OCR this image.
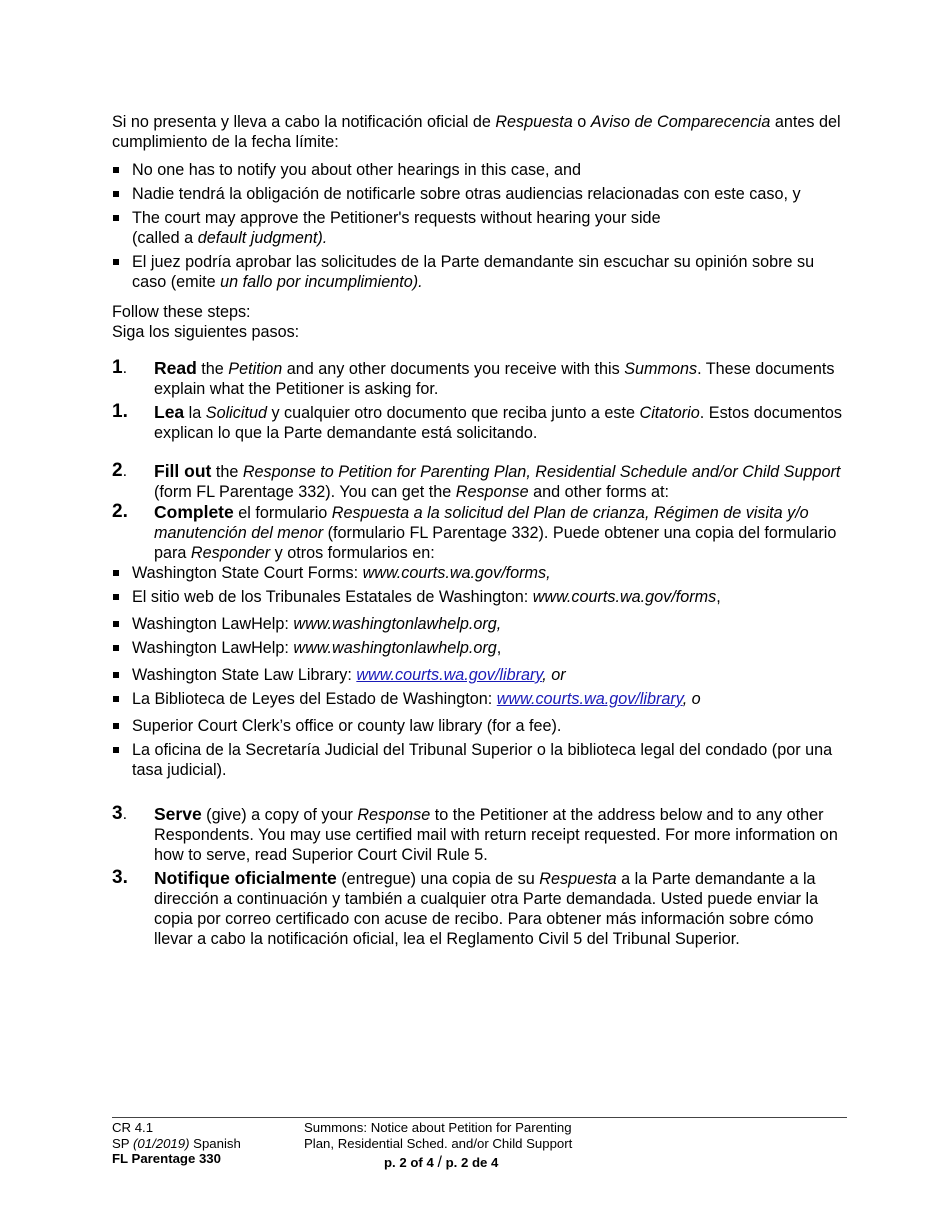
Si no presenta y lleva a cabo la notificación oficial de Respuesta o Aviso de Comparecencia antes del cumplimiento de la fecha límite:

No one has to notify you about other hearings in this case, and
Nadie tendrá la obligación de notificarle sobre otras audiencias relacionadas con este caso, y
The court may approve the Petitioner's requests without hearing your side
(called a default judgment).
El juez podría aprobar las solicitudes de la Parte demandante sin escuchar su opinión sobre su caso (emite un fallo por incumplimiento).
Follow these steps:
Siga los siguientes pasos:
1 . Read the Petition and any other documents you receive with this Summons. These documents explain what the Petitioner is asking for.
1. Lea la Solicitud y cualquier otro documento que reciba junto a este Citatorio. Estos documentos explican lo que la Parte demandante está solicitando.
2 . Fill out the Response to Petition for Parenting Plan, Residential Schedule and/or Child Support (form FL Parentage 332). You can get the Response and other forms at:
2. Complete el formulario Respuesta a la solicitud del Plan de crianza, Régimen de visita y/o manutención del menor (formulario FL Parentage 332). Puede obtener una copia del formulario para Responder y otros formularios en:
Washington State Court Forms: www.courts.wa.gov/forms,
El sitio web de los Tribunales Estatales de Washington: www.courts.wa.gov/forms,
Washington LawHelp: www.washingtonlawhelp.org,
Washington LawHelp: www.washingtonlawhelp.org,
Washington State Law Library: www.courts.wa.gov/library, or
La Biblioteca de Leyes del Estado de Washington: www.courts.wa.gov/library, o
Superior Court Clerk’s office or county law library (for a fee).
La oficina de la Secretaría Judicial del Tribunal Superior o la biblioteca legal del condado (por una tasa judicial).
3 . Serve (give) a copy of your Response to the Petitioner at the address below and to any other Respondents. You may use certified mail with return receipt requested. For more information on how to serve, read Superior Court Civil Rule 5.
3. Notifique oficialmente (entregue) una copia de su Respuesta a la Parte demandante a la dirección a continuación y también a cualquier otra Parte demandada. Usted puede enviar la copia por correo certificado con acuse de recibo. Para obtener más información sobre cómo llevar a cabo la notificación oficial, lea el Reglamento Civil 5 del Tribunal Superior.
CR 4.1
SP (01/2019) Spanish
FL Parentage 330
Summons: Notice about Petition for Parenting
Plan, Residential Sched. and/or Child Support
p. 2 of 4 / p. 2 de 4
